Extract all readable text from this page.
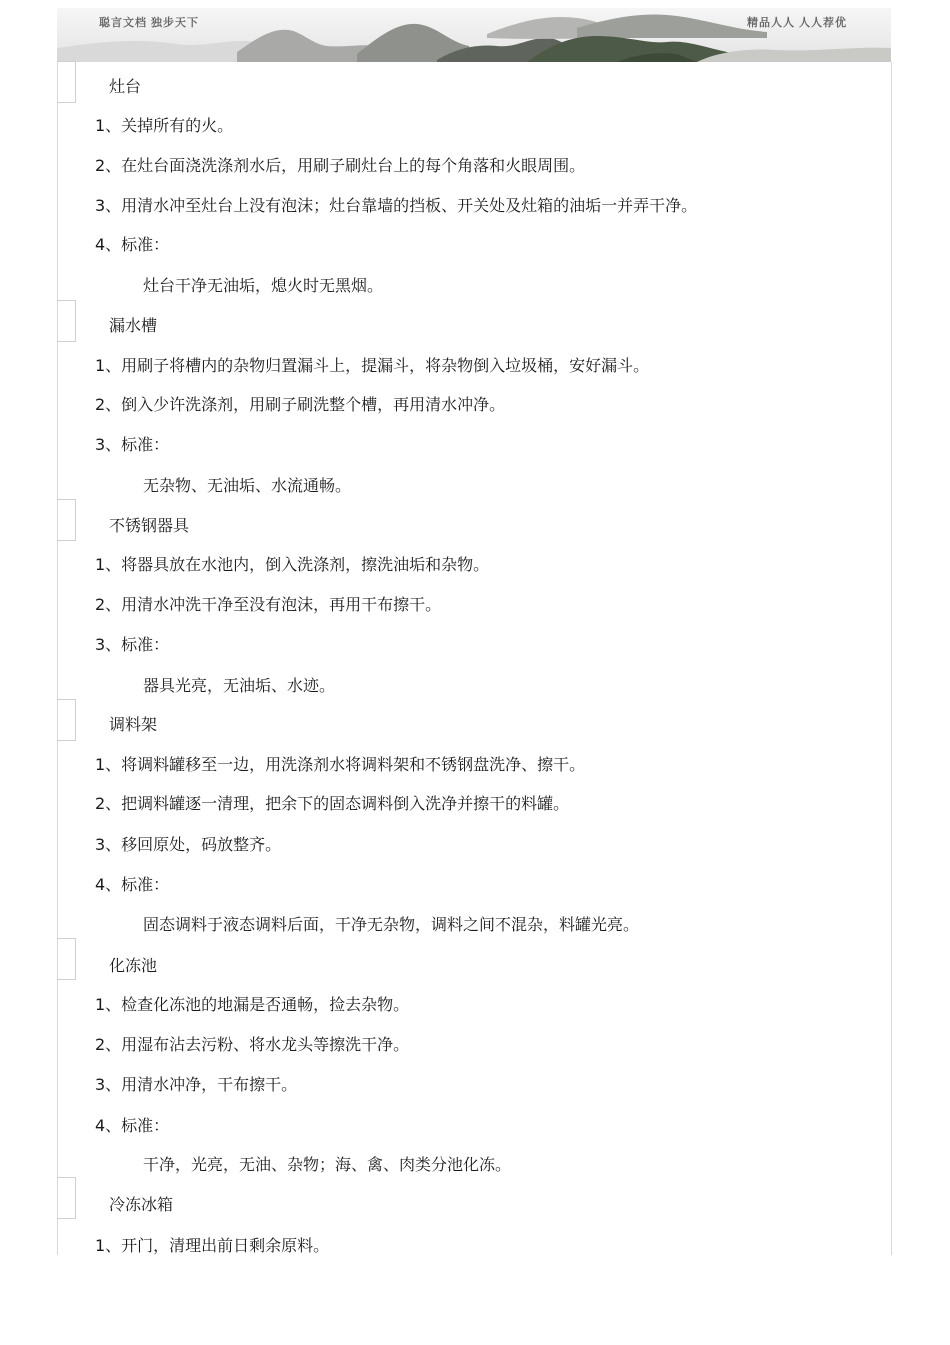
聪言文档 独步天下	精品人人 人人荐优
灶台
1、关掉所有的火。
2、在灶台面浇洗涤剂水后，用刷子刷灶台上的每个角落和火眼周围。
3、用清水冲至灶台上没有泡沫；灶台靠墙的挡板、开关处及灶箱的油垢一并弄干净。
4、标准：
灶台干净无油垢，熄火时无黑烟。
漏水槽
1、用刷子将槽内的杂物归置漏斗上，提漏斗，将杂物倒入垃圾桶，安好漏斗。
2、倒入少许洗涤剂，用刷子刷洗整个槽，再用清水冲净。
3、标准：
无杂物、无油垢、水流通畅。
不锈钢器具
1、将器具放在水池内，倒入洗涤剂，擦洗油垢和杂物。
2、用清水冲洗干净至没有泡沫，再用干布擦干。
3、标准：
器具光亮，无油垢、水迹。
调料架
1、将调料罐移至一边，用洗涤剂水将调料架和不锈钢盘洗净、擦干。
2、把调料罐逐一清理，把余下的固态调料倒入洗净并擦干的料罐。
3、移回原处，码放整齐。
4、标准：
固态调料于液态调料后面，干净无杂物，调料之间不混杂，料罐光亮。
化冻池
1、检查化冻池的地漏是否通畅，捡去杂物。
2、用湿布沾去污粉、将水龙头等擦洗干净。
3、用清水冲净，干布擦干。
4、标准：
干净，光亮，无油、杂物；海、禽、肉类分池化冻。
冷冻冰箱
1、开门，清理出前日剩余原料。
